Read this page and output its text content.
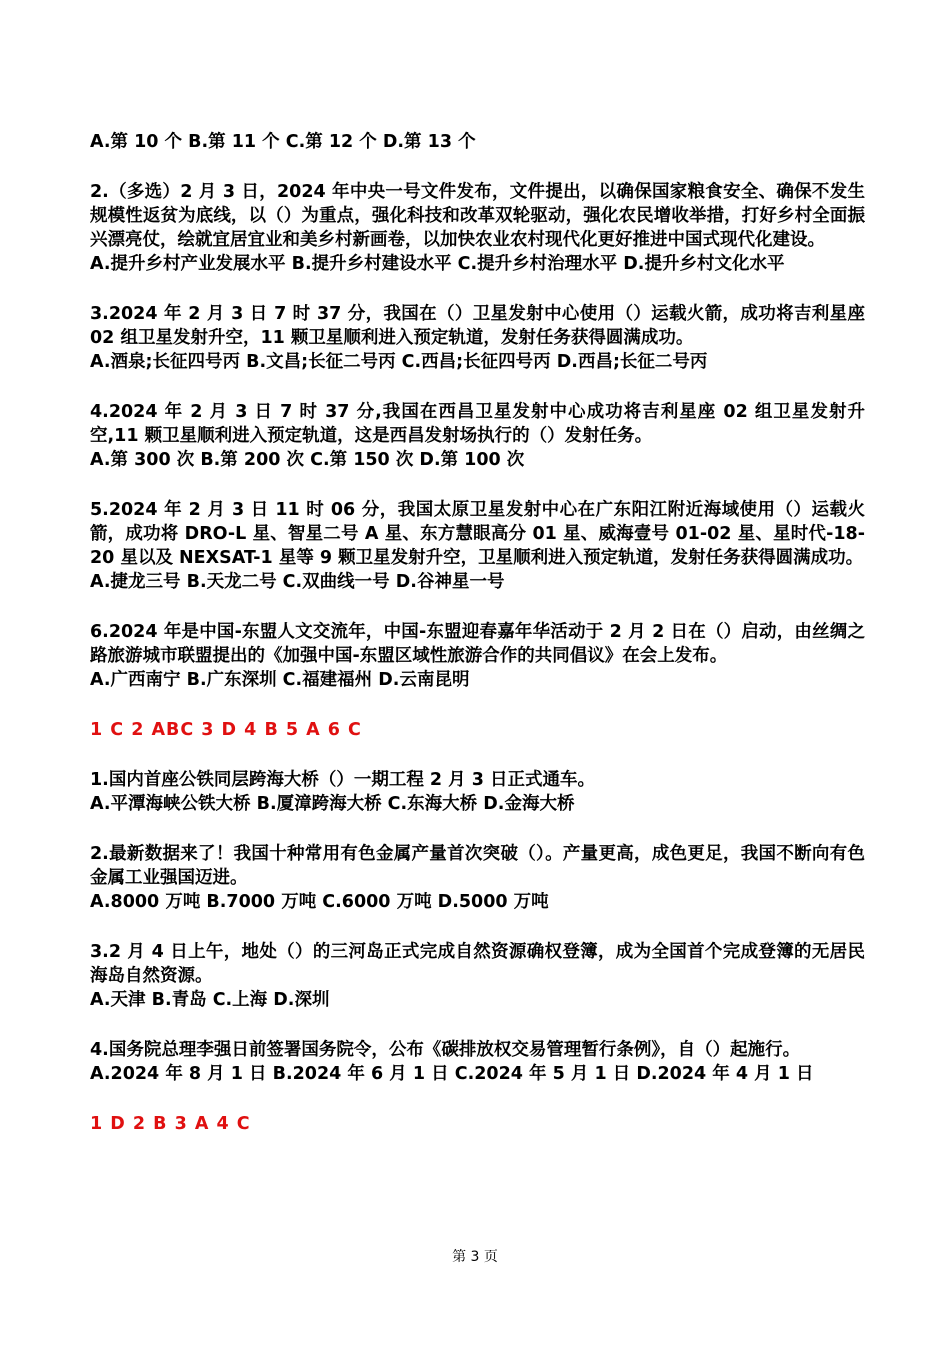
A.第 10 个 B.第 11 个 C.第 12 个 D.第 13 个
2.（多选）2 月 3 日，2024 年中央一号文件发布，文件提出，以确保国家粮食安全、确保不发生规模性返贫为底线，以（）为重点，强化科技和改革双轮驱动，强化农民增收举措，打好乡村全面振兴漂亮仗，绘就宜居宜业和美乡村新画卷，以加快农业农村现代化更好推进中国式现代化建设。
A.提升乡村产业发展水平 B.提升乡村建设水平 C.提升乡村治理水平 D.提升乡村文化水平
3.2024 年 2 月 3 日 7 时 37 分，我国在（）卫星发射中心使用（）运载火箭，成功将吉利星座 02 组卫星发射升空，11 颗卫星顺利进入预定轨道，发射任务获得圆满成功。
A.酒泉;长征四号丙 B.文昌;长征二号丙 C.西昌;长征四号丙 D.西昌;长征二号丙
4.2024 年 2 月 3 日 7 时 37 分,我国在西昌卫星发射中心成功将吉利星座 02 组卫星发射升空,11 颗卫星顺利进入预定轨道，这是西昌发射场执行的（）发射任务。
A.第 300 次 B.第 200 次 C.第 150 次 D.第 100 次
5.2024 年 2 月 3 日 11 时 06 分，我国太原卫星发射中心在广东阳江附近海域使用（）运载火箭，成功将 DRO-L 星、智星二号 A 星、东方慧眼高分 01 星、威海壹号 01-02 星、星时代-18-20 星以及 NEXSAT-1 星等 9 颗卫星发射升空，卫星顺利进入预定轨道，发射任务获得圆满成功。
A.捷龙三号 B.天龙二号 C.双曲线一号 D.谷神星一号
6.2024 年是中国-东盟人文交流年，中国-东盟迎春嘉年华活动于 2 月 2 日在（）启动，由丝绸之路旅游城市联盟提出的《加强中国-东盟区域性旅游合作的共同倡议》在会上发布。
A.广西南宁 B.广东深圳 C.福建福州 D.云南昆明
1 C 2 ABC 3 D 4 B 5 A 6 C
1.国内首座公铁同层跨海大桥（）一期工程 2 月 3 日正式通车。
A.平潭海峡公铁大桥 B.厦漳跨海大桥 C.东海大桥 D.金海大桥
2.最新数据来了！我国十种常用有色金属产量首次突破（）。产量更高，成色更足，我国不断向有色金属工业强国迈进。
A.8000 万吨 B.7000 万吨 C.6000 万吨 D.5000 万吨
3.2 月 4 日上午，地处（）的三河岛正式完成自然资源确权登簿，成为全国首个完成登簿的无居民海岛自然资源。
A.天津 B.青岛 C.上海 D.深圳
4.国务院总理李强日前签署国务院令，公布《碳排放权交易管理暂行条例》，自（）起施行。
A.2024 年 8 月 1 日 B.2024 年 6 月 1 日 C.2024 年 5 月 1 日 D.2024 年 4 月 1 日
1 D 2 B 3 A 4 C
第 3 页
